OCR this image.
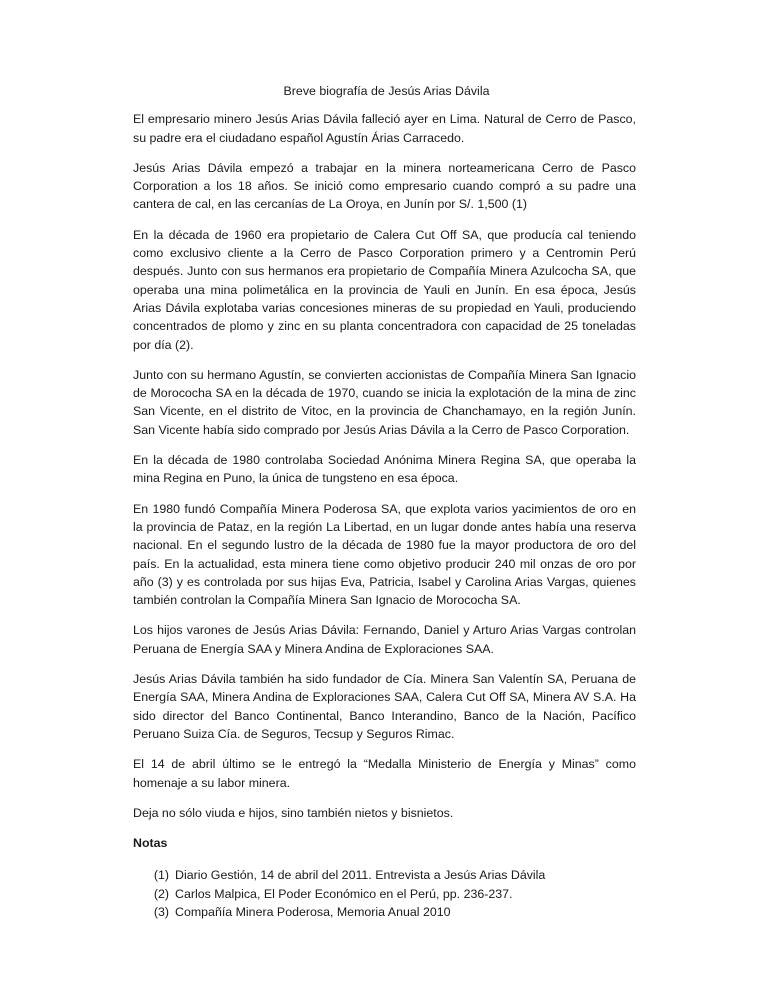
Breve biografía de Jesús Arias Dávila

El empresario minero Jesús Arias Dávila falleció ayer en Lima. Natural de Cerro de Pasco, su padre era el ciudadano español Agustín Árias Carracedo.

Jesús Arias Dávila empezó a trabajar en la minera norteamericana Cerro de Pasco Corporation a los 18 años. Se inició como empresario cuando compró a su padre una cantera de cal, en las cercanías de La Oroya, en Junín por S/. 1,500 (1)

En la década de 1960 era propietario de Calera Cut Off SA, que producía cal teniendo como exclusivo cliente a la Cerro de Pasco Corporation primero y a Centromin Perú después. Junto con sus hermanos era propietario de Compañía Minera Azulcocha SA, que operaba una mina polimetálica en la provincia de Yauli en Junín. En esa época, Jesús Arias Dávila explotaba varias concesiones mineras de su propiedad en Yauli, produciendo concentrados de plomo y zinc en su planta concentradora con capacidad de 25 toneladas por día (2).

Junto con su hermano Agustín, se convierten accionistas de Compañía Minera San Ignacio de Morococha SA en la década de 1970, cuando se inicia la explotación de la mina de zinc San Vicente, en el distrito de Vitoc, en la provincia de Chanchamayo, en la región Junín. San Vicente había sido comprado por Jesús Arias Dávila a la Cerro de Pasco Corporation.

En la década de 1980 controlaba Sociedad Anónima Minera Regina SA, que operaba la mina Regina en Puno, la única de tungsteno en esa época.

En 1980 fundó Compañía Minera Poderosa SA, que explota varios yacimientos de oro en la provincia de Pataz, en la región La Libertad, en un lugar donde antes había una reserva nacional. En el segundo lustro de la década de 1980 fue la mayor productora de oro del país. En la actualidad, esta minera tiene como objetivo producir 240 mil onzas de oro por año (3) y es controlada por sus hijas Eva, Patricia, Isabel y Carolina Arias Vargas, quienes también controlan la Compañía Minera San Ignacio de Morococha SA.

Los hijos varones de Jesús Arias Dávila: Fernando, Daniel y Arturo Arias Vargas controlan Peruana de Energía SAA y Minera Andina de Exploraciones SAA.

Jesús Arias Dávila también ha sido fundador de Cía. Minera San Valentín SA, Peruana de Energía SAA, Minera Andina de Exploraciones SAA, Calera Cut Off SA, Minera AV S.A. Ha sido director del Banco Continental, Banco Interandino, Banco de la Nación, Pacífico Peruano Suiza Cía. de Seguros, Tecsup y Seguros Rimac.

El 14 de abril último se le entregó la “Medalla Ministerio de Energía y Minas” como homenaje a su labor minera.

Deja no sólo viuda e hijos, sino también nietos y bisnietos.

Notas
(1) Diario Gestión, 14 de abril del 2011. Entrevista a Jesús Arias Dávila
(2) Carlos Malpica, El Poder Económico en el Perú, pp. 236-237.
(3) Compañía Minera Poderosa, Memoria Anual 2010
